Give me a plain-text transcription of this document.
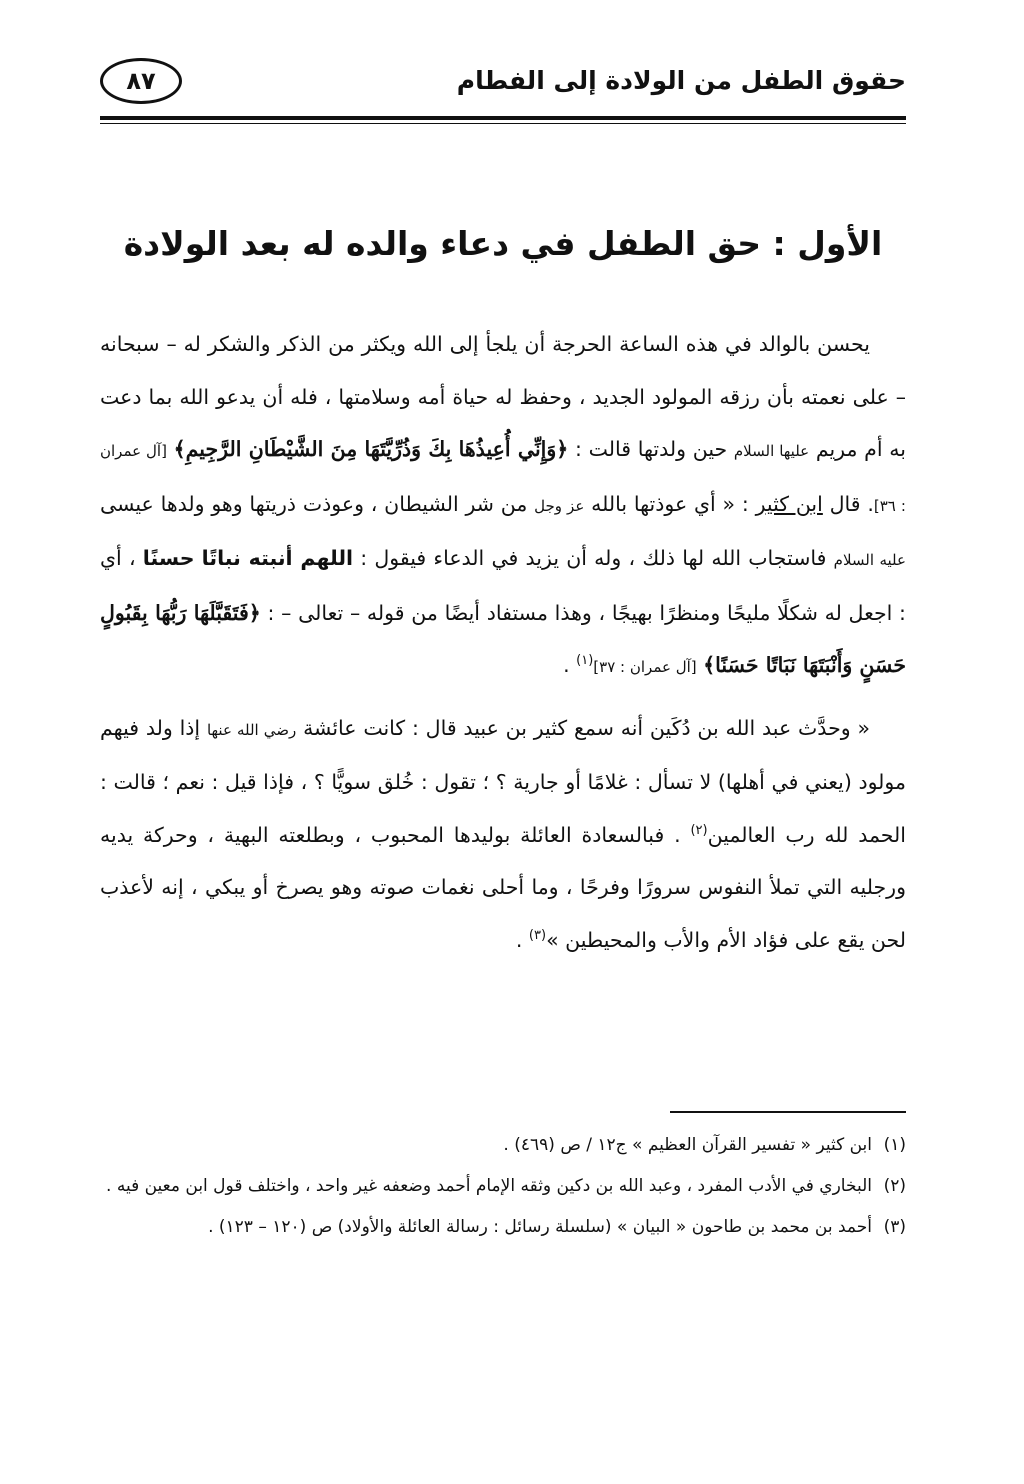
حقوق الطفل من الولادة إلى الفطام
٨٧
الأول : حق الطفل في دعاء والده له بعد الولادة

يحسن بالوالد في هذه الساعة الحرجة أن يلجأ إلى الله ويكثر من الذكر والشكر له – سبحانه – على نعمته بأن رزقه المولود الجديد ، وحفظ له حياة أمه وسلامتها ، فله أن يدعو الله بما دعت به أم مريم عليها السلام حين ولدتها قالت : ﴿وَإِنِّي أُعِيذُهَا بِكَ وَذُرِّيَّتَهَا مِنَ الشَّيْطَانِ الرَّجِيمِ﴾ [آل عمران : ٣٦]. قال ابن كثير : « أي عوذتها بالله عز وجل من شر الشيطان ، وعوذت ذريتها وهو ولدها عيسى عليه السلام فاستجاب الله لها ذلك ، وله أن يزيد في الدعاء فيقول : اللهم أنبته نباتًا حسنًا ، أي : اجعل له شكلًا مليحًا ومنظرًا بهيجًا ، وهذا مستفاد أيضًا من قوله – تعالى – : ﴿فَتَقَبَّلَهَا رَبُّهَا بِقَبُولٍ حَسَنٍ وَأَنْبَتَهَا نَبَاتًا حَسَنًا﴾ [آل عمران : ٣٧]$^{(١)}$ .

« وحدَّث عبد الله بن دُكَين أنه سمع كثير بن عبيد قال : كانت عائشة رضي الله عنها إذا ولد فيهم مولود (يعني في أهلها) لا تسأل : غلامًا أو جارية ؟ ؛ تقول : خُلق سويًّا ؟ ، فإذا قيل : نعم ؛ قالت : الحمد لله رب العالمين$^{(٢)}$ . فبالسعادة العائلة بوليدها المحبوب ، وبطلعته البهية ، وحركة يديه ورجليه التي تملأ النفوس سرورًا وفرحًا ، وما أحلى نغمات صوته وهو يصرخ أو يبكي ، إنه لأعذب لحن يقع على فؤاد الأم والأب والمحيطين »$^{(٣)}$ .

(١)ابن كثير « تفسير القرآن العظيم » ج١٢ / ص (٤٦٩) .

(٢)البخاري في الأدب المفرد ، وعبد الله بن دكين وثقه الإمام أحمد وضعفه غير واحد ، واختلف قول ابن معين فيه .

(٣)أحمد بن محمد بن طاحون « البيان » (سلسلة رسائل : رسالة العائلة والأولاد) ص (١٢٠ – ١٢٣) .
